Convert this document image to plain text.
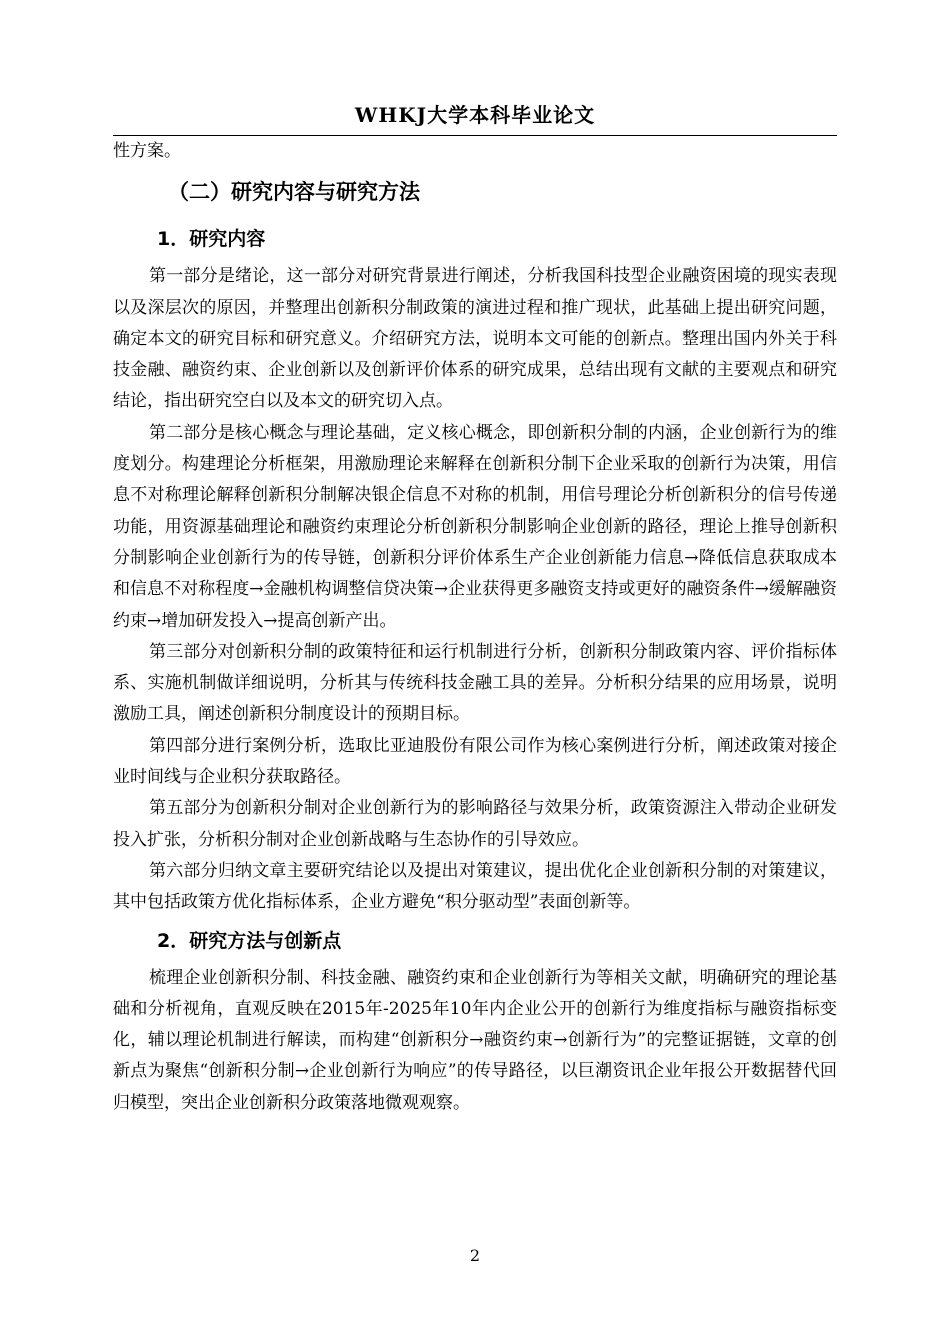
WHKJ大学本科毕业论文

性方案。

（二）研究内容与研究方法
1．研究内容

第一部分是绪论，这一部分对研究背景进行阐述，分析我国科技型企业融资困境的现实表现以及深层次的原因，并整理出创新积分制政策的演进过程和推广现状，此基础上提出研究问题，确定本文的研究目标和研究意义。介绍研究方法，说明本文可能的创新点。整理出国内外关于科技金融、融资约束、企业创新以及创新评价体系的研究成果，总结出现有文献的主要观点和研究结论，指出研究空白以及本文的研究切入点。

第二部分是核心概念与理论基础，定义核心概念，即创新积分制的内涵，企业创新行为的维度划分。构建理论分析框架，用激励理论来解释在创新积分制下企业采取的创新行为决策，用信息不对称理论解释创新积分制解决银企信息不对称的机制，用信号理论分析创新积分的信号传递功能，用资源基础理论和融资约束理论分析创新积分制影响企业创新的路径，理论上推导创新积分制影响企业创新行为的传导链，创新积分评价体系生产企业创新能力信息→降低信息获取成本和信息不对称程度→金融机构调整信贷决策→企业获得更多融资支持或更好的融资条件→缓解融资约束→增加研发投入→提高创新产出。

第三部分对创新积分制的政策特征和运行机制进行分析，创新积分制政策内容、评价指标体系、实施机制做详细说明，分析其与传统科技金融工具的差异。分析积分结果的应用场景，说明激励工具，阐述创新积分制度设计的预期目标。

第四部分进行案例分析，选取比亚迪股份有限公司作为核心案例进行分析，阐述政策对接企业时间线与企业积分获取路径。

第五部分为创新积分制对企业创新行为的影响路径与效果分析，政策资源注入带动企业研发投入扩张，分析积分制对企业创新战略与生态协作的引导效应。

第六部分归纳文章主要研究结论以及提出对策建议，提出优化企业创新积分制的对策建议，其中包括政策方优化指标体系，企业方避免“积分驱动型”表面创新等。

2．研究方法与创新点

梳理企业创新积分制、科技金融、融资约束和企业创新行为等相关文献，明确研究的理论基础和分析视角，直观反映在2015年-2025年10年内企业公开的创新行为维度指标与融资指标变化，辅以理论机制进行解读，而构建“创新积分→融资约束→创新行为”的完整证据链，文章的创新点为聚焦“创新积分制→企业创新行为响应”的传导路径，以巨潮资讯企业年报公开数据替代回归模型，突出企业创新积分政策落地微观观察。

2
